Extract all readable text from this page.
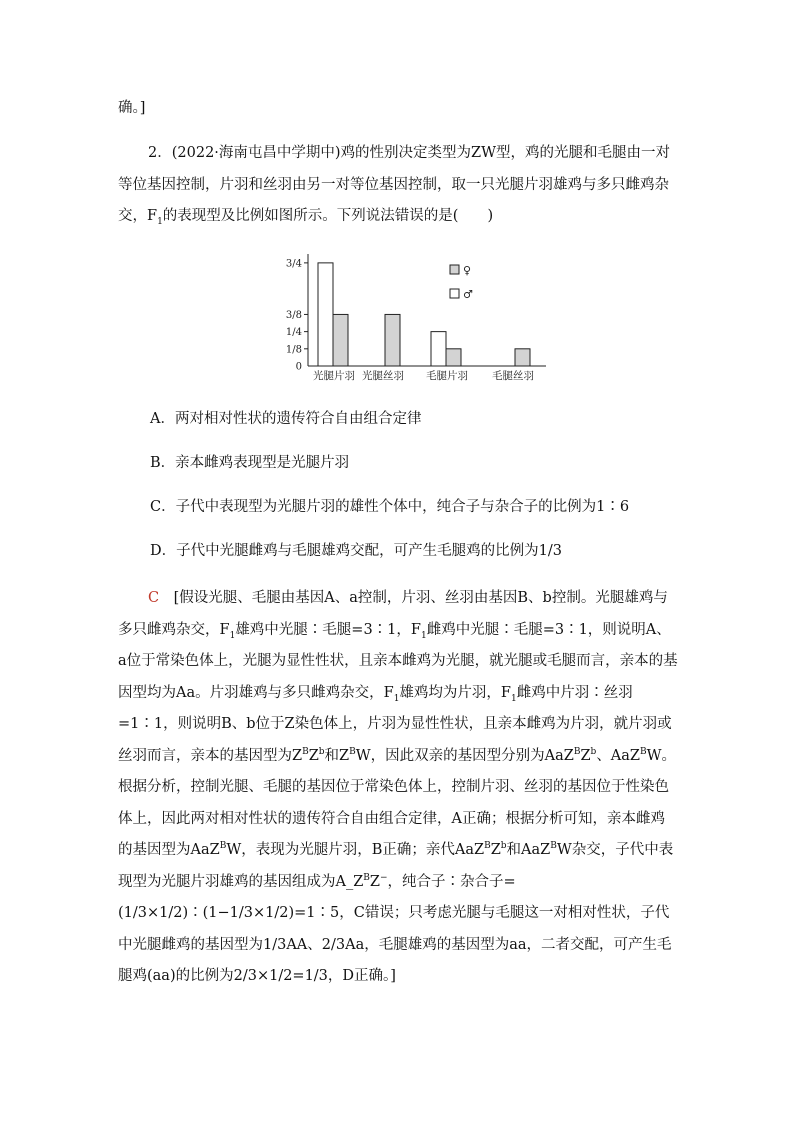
确。]
2．(2022·海南屯昌中学期中)鸡的性别决定类型为ZW型，鸡的光腿和毛腿由一对等位基因控制，片羽和丝羽由另一对等位基因控制，取一只光腿片羽雄鸡与多只雌鸡杂交，$F_1$的表现型及比例如图所示。下列说法错误的是(　　)
0
1/8
1/4
3/8
3/4
光腿片羽 光腿丝羽 毛腿片羽 毛腿丝羽
♀
♂
A．两对相对性状的遗传符合自由组合定律
B．亲本雌鸡表现型是光腿片羽
C．子代中表现型为光腿片羽的雄性个体中，纯合子与杂合子的比例为1∶6
D．子代中光腿雌鸡与毛腿雄鸡交配，可产生毛腿鸡的比例为1/3
C　 [假设光腿、毛腿由基因A、a控制，片羽、丝羽由基因B、b控制。光腿雄鸡与多只雌鸡杂交，$F_1$雄鸡中光腿∶毛腿=3∶1，$F_1$雌鸡中光腿∶毛腿=3∶1，则说明A、a位于常染色体上，光腿为显性性状，且亲本雌鸡为光腿，就光腿或毛腿而言，亲本的基因型均为Aa。片羽雄鸡与多只雌鸡杂交，$F_1$雄鸡均为片羽，$F_1$雌鸡中片羽∶丝羽=1∶1，则说明B、b位于Z染色体上，片羽为显性性状，且亲本雌鸡为片羽，就片羽或丝羽而言，亲本的基因型为$Z^BZ^b$和$Z^BW$，因此双亲的基因型分别为$AaZ^BZ^b$、AaZ$^B$W。根据分析，控制光腿、毛腿的基因位于常染色体上，控制片羽、丝羽的基因位于性染色体上，因此两对相对性状的遗传符合自由组合定律，A正确；根据分析可知，亲本雌鸡的基因型为AaZ$^B$W，表现为光腿片羽，B正确；亲代$AaZ^BZ^b$和AaZ$^B$W杂交，子代中表现型为光腿片羽雄鸡的基因组成为$A\_Z^BZ^-$，纯合子∶杂合子=(1/3×1/2)∶(1−1/3×1/2)=1∶5，C错误；只考虑光腿与毛腿这一对相对性状，子代中光腿雌鸡的基因型为1/3AA、2/3Aa，毛腿雄鸡的基因型为aa，二者交配，可产生毛腿鸡(aa)的比例为2/3×1/2=1/3，D正确。]
